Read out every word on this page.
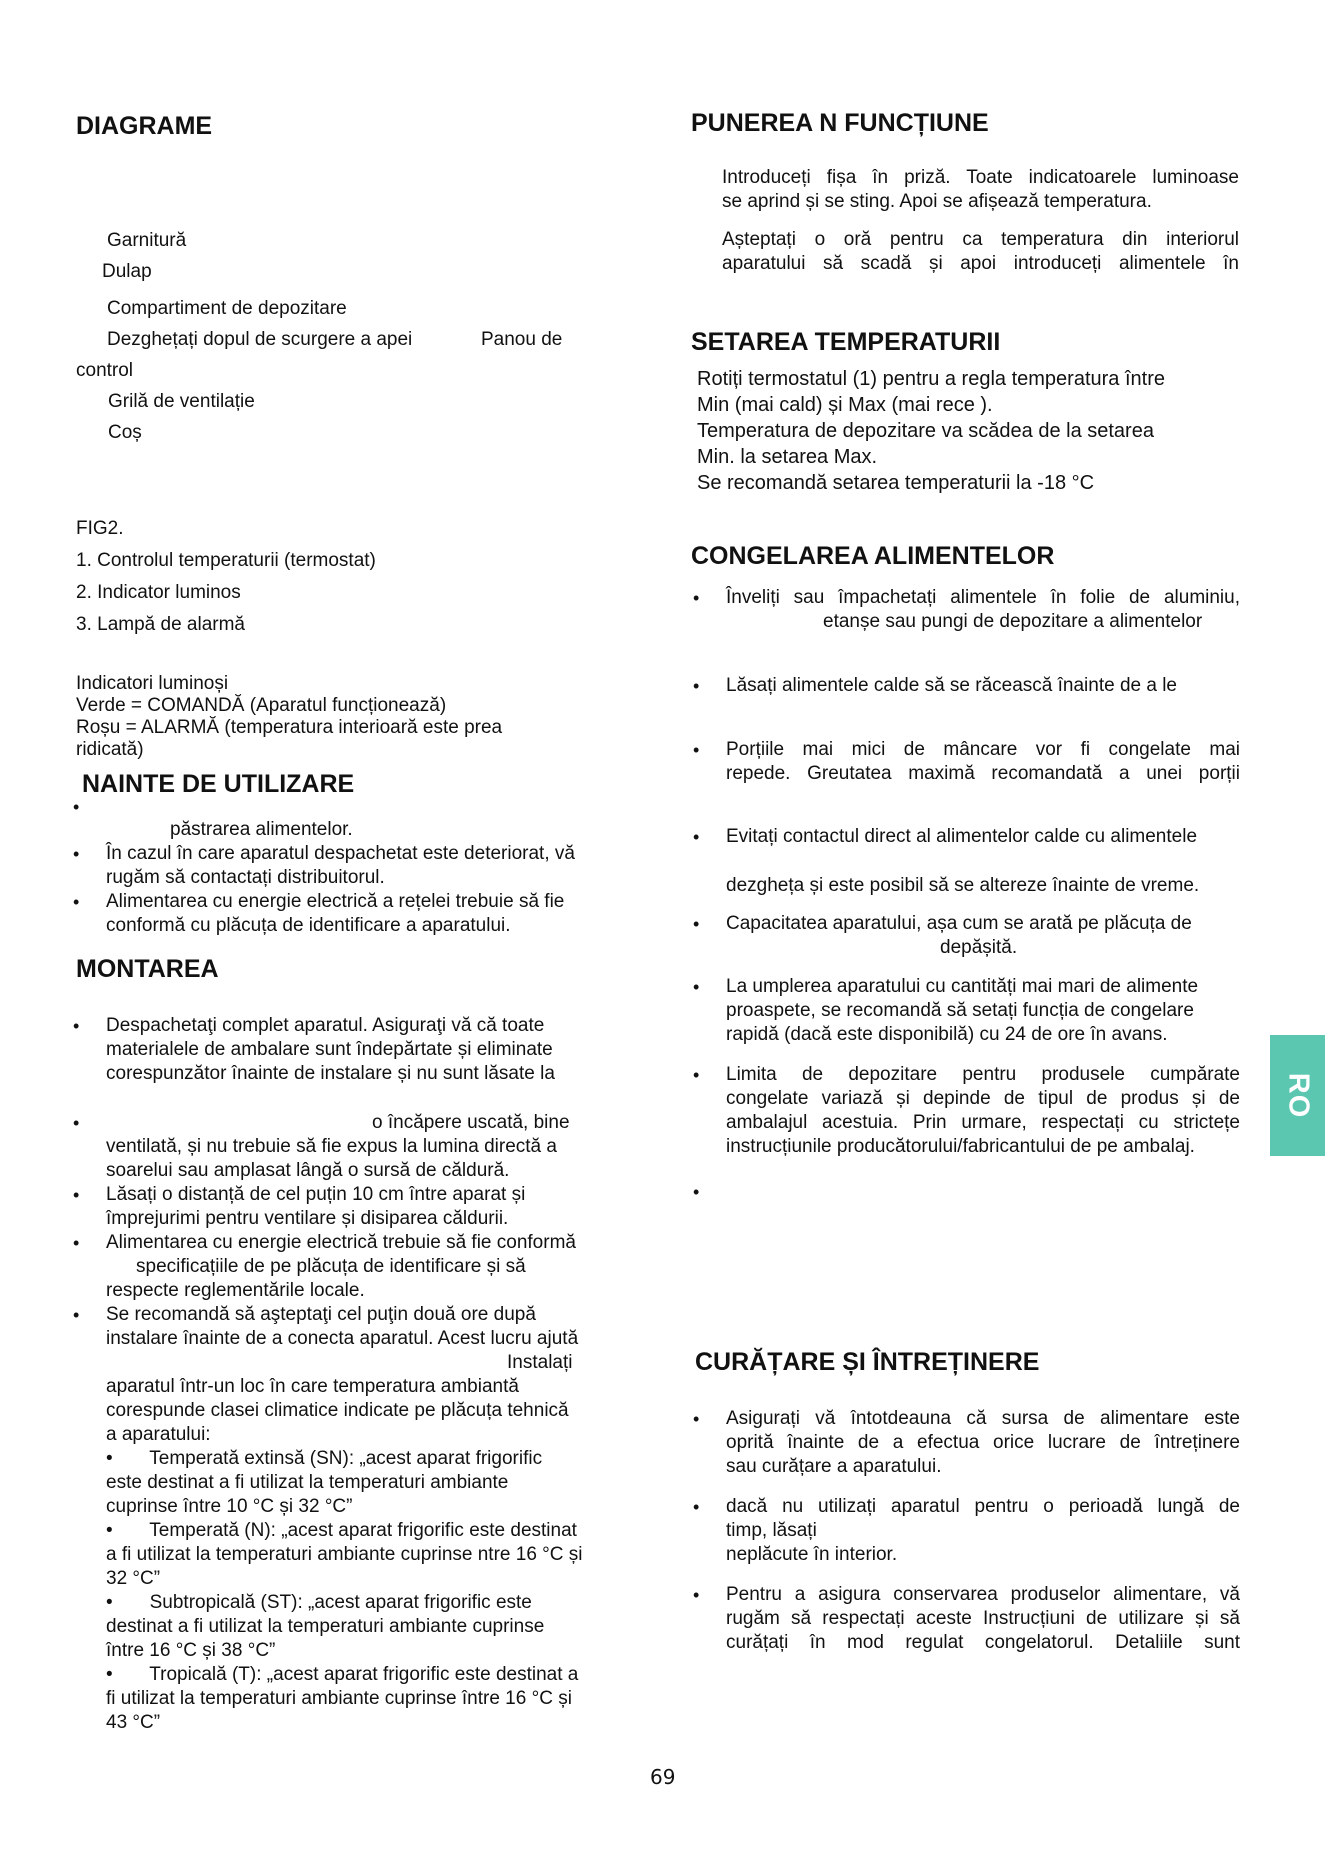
DIAGRAME

Garnitură

Dulap

Compartiment de depozitare

Dezghețați dopul de scurgere a apei	Panou de

control

Grilă de ventilație

Coș

FIG2.

1. Controlul temperaturii (termostat)

2. Indicator luminos

3. Lampă de alarmă

Indicatori luminoși

Verde = COMANDĂ (Aparatul funcționează)

Roșu = ALARMĂ (temperatura interioară este prea

ridicată)

NAINTE DE UTILIZARE
•

păstrarea alimentelor.

• În cazul în care aparatul despachetat este deteriorat, vă

rugăm să contactați distribuitorul.

• Alimentarea cu energie electrică a rețelei trebuie să fie

conformă cu plăcuța de identificare a aparatului.

MONTAREA
• Despachetaţi complet aparatul. Asiguraţi vă că toate

materialele de ambalare sunt îndepărtate și eliminate

corespunzător înainte de instalare și nu sunt lăsate la

•	o încăpere uscată, bine

ventilată, și nu trebuie să fie expus la lumina directă a

soarelui sau amplasat lângă o sursă de căldură.

• Lăsați o distanță de cel puțin 10 cm între aparat și

împrejurimi pentru ventilare și disiparea căldurii.

• Alimentarea cu energie electrică trebuie să fie conformă

specificațiile de pe plăcuța de identificare și să

respecte reglementările locale.

• Se recomandă să aşteptaţi cel puţin două ore după

instalare înainte de a conecta aparatul. Acest lucru ajută

Instalați

aparatul într-un loc în care temperatura ambiantă

corespunde clasei climatice indicate pe plăcuța tehnică

a aparatului:

•       Temperată extinsă (SN): „acest aparat frigorific

este destinat a fi utilizat la temperaturi ambiante

cuprinse între 10 °C și 32 °C”

•       Temperată (N): „acest aparat frigorific este destinat

a fi utilizat la temperaturi ambiante cuprinse ntre 16 °C și

32 °C”

•       Subtropicală (ST): „acest aparat frigorific este

destinat a fi utilizat la temperaturi ambiante cuprinse

între 16 °C și 38 °C”

•       Tropicală (T): „acest aparat frigorific este destinat a

fi utilizat la temperaturi ambiante cuprinse între 16 °C și

43 °C”

PUNEREA N FUNCȚIUNE

Introduceți fișa în priză. Toate indicatoarele luminoase

se aprind și se sting. Apoi se afișează temperatura.

Așteptați o oră pentru ca temperatura din interiorul

aparatului să scadă și apoi introduceți alimentele în

SETAREA TEMPERATURII

Rotiți termostatul (1) pentru a regla temperatura între

Min (mai cald) și Max (mai rece ).

Temperatura de depozitare va scădea de la setarea

Min. la setarea Max.

Se recomandă setarea temperaturii la -18 °C

CONGELAREA ALIMENTELOR
• Înveliți sau împachetați alimentele în folie de aluminiu,

etanșe sau pungi de depozitare a alimentelor

• Lăsați alimentele calde să se răcească înainte de a le

• Porțiile mai mici de mâncare vor fi congelate mai

repede. Greutatea maximă recomandată a unei porții

• Evitați contactul direct al alimentelor calde cu alimentele

dezgheța și este posibil să se altereze înainte de vreme.

• Capacitatea aparatului, așa cum se arată pe plăcuța de

depășită.

• La umplerea aparatului cu cantități mai mari de alimente

proaspete, se recomandă să setați funcția de congelare

rapidă (dacă este disponibilă) cu 24 de ore în avans.

• Limita de depozitare pentru produsele cumpărate

congelate variază și depinde de tipul de produs și de

ambalajul acestuia. Prin urmare, respectați cu strictețe

instrucțiunile producătorului/fabricantului de pe ambalaj.

•
CURĂȚARE ȘI ÎNTREȚINERE
• Asigurați vă întotdeauna că sursa de alimentare este

oprită înainte de a efectua orice lucrare de întreținere

sau curățare a aparatului.

• dacă nu utilizați aparatul pentru o perioadă lungă de

timp, lăsați

neplăcute în interior.

• Pentru a asigura conservarea produselor alimentare, vă

rugăm să respectați aceste Instrucțiuni de utilizare și să

curățați în mod regulat congelatorul. Detaliile sunt

RO
69
